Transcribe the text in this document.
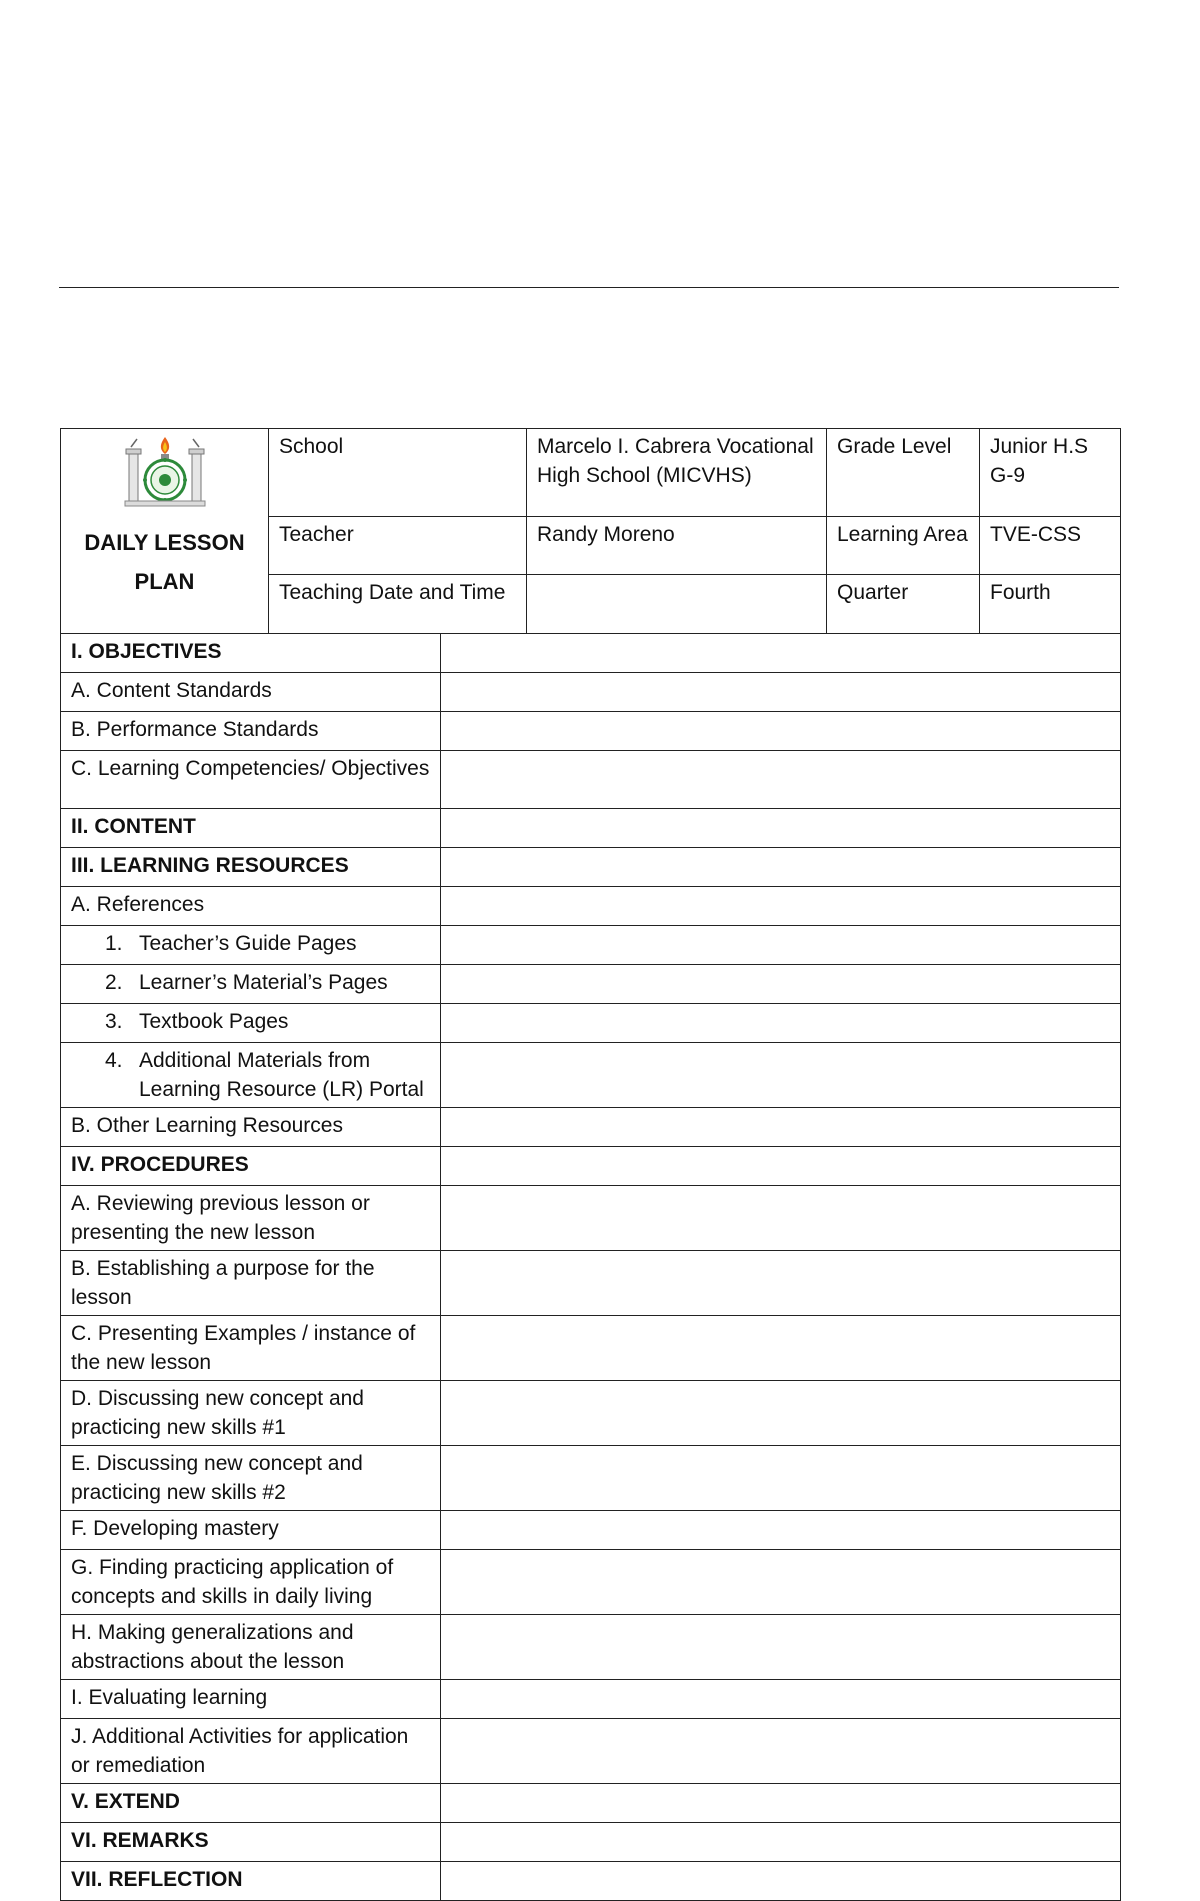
DAILY LESSON PLAN	School	Marcelo I. Cabrera Vocational High School (MICVHS)	Grade Level	Junior H.S G-9
	Teacher	Randy Moreno	Learning Area	TVE-CSS
	Teaching Date and Time		Quarter	Fourth
I. OBJECTIVES	
A. Content Standards	
B. Performance Standards	
C. Learning Competencies/ Objectives	
II. CONTENT	
III. LEARNING RESOURCES	
A. References	
1. Teacher’s Guide Pages	
2. Learner’s Material’s Pages	
3. Textbook Pages	
4. Additional Materials from Learning Resource (LR) Portal	
B. Other Learning Resources	
IV. PROCEDURES	
A. Reviewing previous lesson or presenting the new lesson	
B. Establishing a purpose for the lesson	
C. Presenting Examples / instance of the new lesson	
D. Discussing new concept and practicing new skills #1	
E. Discussing new concept and practicing new skills #2	
F. Developing mastery	
G. Finding practicing application of concepts and skills in daily living	
H. Making generalizations and abstractions about the lesson	
I. Evaluating learning	
J. Additional Activities for application or remediation	
V. EXTEND	
VI. REMARKS	
VII. REFLECTION	
